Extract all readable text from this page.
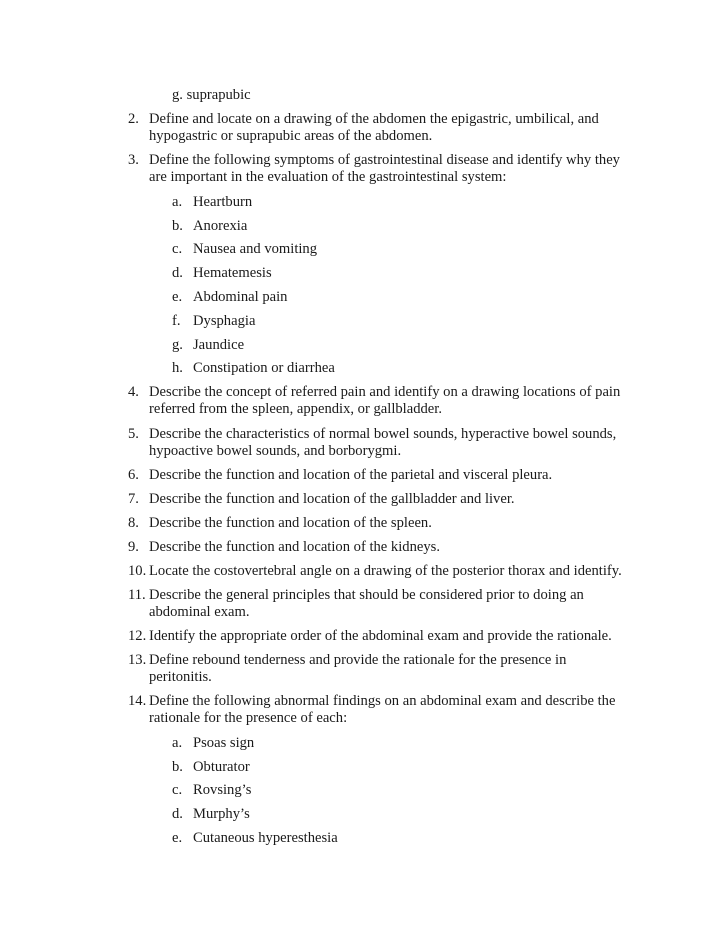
g. suprapubic
2. Define and locate on a drawing of the abdomen the epigastric, umbilical, and
hypogastric or suprapubic areas of the abdomen.
3. Define the following symptoms of gastrointestinal disease and identify why they
are important in the evaluation of the gastrointestinal system:
a. Heartburn
b. Anorexia
c. Nausea and vomiting
d. Hematemesis
e. Abdominal pain
f. Dysphagia
g. Jaundice
h. Constipation or diarrhea
4. Describe the concept of referred pain and identify on a drawing locations of pain
referred from the spleen, appendix, or gallbladder.
5. Describe the characteristics of normal bowel sounds, hyperactive bowel sounds,
hypoactive bowel sounds, and borborygmi.
6. Describe the function and location of the parietal and visceral pleura.
7. Describe the function and location of the gallbladder and liver.
8. Describe the function and location of the spleen.
9. Describe the function and location of the kidneys.
10. Locate the costovertebral angle on a drawing of the posterior thorax and identify.
11. Describe the general principles that should be considered prior to doing an
abdominal exam.
12. Identify the appropriate order of the abdominal exam and provide the rationale.
13. Define rebound tenderness and provide the rationale for the presence in
peritonitis.
14. Define the following abnormal findings on an abdominal exam and describe the
rationale for the presence of each:
a. Psoas sign
b. Obturator
c. Rovsing’s
d. Murphy’s
e. Cutaneous hyperesthesia
